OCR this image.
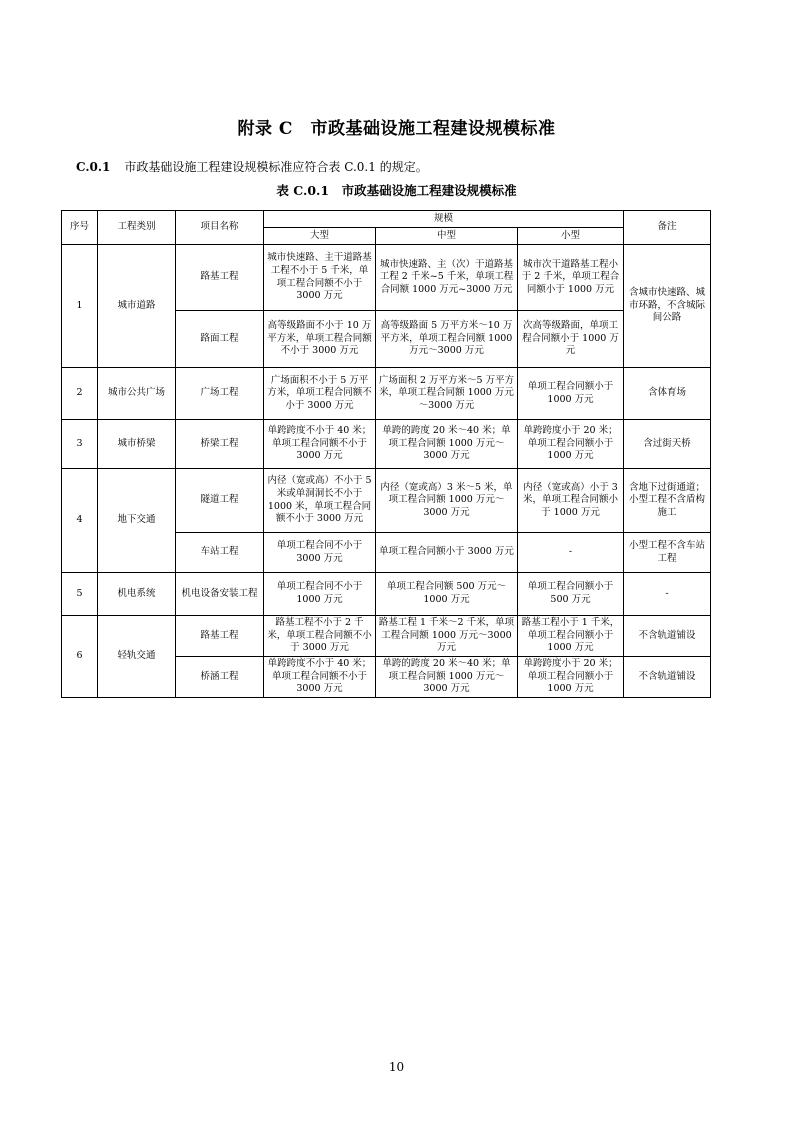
附录 C　市政基础设施工程建设规模标准
C.0.1 市政基础设施工程建设规模标准应符合表 C.0.1 的规定。
表 C.0.1　市政基础设施工程建设规模标准
序号	工程类别	项目名称	规模			备注
			大型	中型	小型	
1	城市道路	路基工程	城市快速路、主干道路基工程不小于 5 千米，单项工程合同额不小于 3000 万元	城市快速路、主（次）干道路基工程 2 千米~5 千米，单项工程合同额 1000 万元~3000 万元	城市次干道路基工程小于 2 千米，单项工程合同额小于 1000 万元	含城市快速路、城市环路，不含城际间公路
		路面工程	高等级路面不小于 10 万平方米，单项工程合同额不小于 3000 万元	高等级路面 5 万平方米～10 万平方米，单项工程合同额 1000 万元～3000 万元	次高等级路面，单项工程合同额小于 1000 万元	
2	城市公共广场	广场工程	广场面积不小于 5 万平方米，单项工程合同额不小于 3000 万元	广场面积 2 万平方米～5 万平方米，单项工程合同额 1000 万元～3000 万元	单项工程合同额小于 1000 万元	含体育场
3	城市桥梁	桥梁工程	单跨跨度不小于 40 米；单项工程合同额不小于 3000 万元	单跨的跨度 20 米～40 米；单项工程合同额 1000 万元～3000 万元	单跨跨度小于 20 米；单项工程合同额小于 1000 万元	含过街天桥
4	地下交通	隧道工程	内径（宽或高）不小于 5 米或单洞洞长不小于 1000 米，单项工程合同额不小于 3000 万元	内径（宽或高）3 米～5 米，单项工程合同额 1000 万元～3000 万元	内径（宽或高）小于 3 米，单项工程合同额小于 1000 万元	含地下过街通道；小型工程不含盾构施工
		车站工程	单项工程合同不小于 3000 万元	单项工程合同额小于 3000 万元	-	小型工程不含车站工程
5	机电系统	机电设备安装工程	单项工程合同不小于 1000 万元	单项工程合同额 500 万元～1000 万元	单项工程合同额小于 500 万元	-
6	轻轨交通	路基工程	路基工程不小于 2 千米，单项工程合同额不小于 3000 万元	路基工程 1 千米～2 千米，单项工程合同额 1000 万元～3000 万元	路基工程小于 1 千米，单项工程合同额小于 1000 万元	不含轨道铺设
		桥涵工程	单跨跨度不小于 40 米；单项工程合同额不小于 3000 万元	单跨的跨度 20 米～40 米；单项工程合同额 1000 万元～3000 万元	单跨跨度小于 20 米；单项工程合同额小于 1000 万元	不含轨道铺设
10
